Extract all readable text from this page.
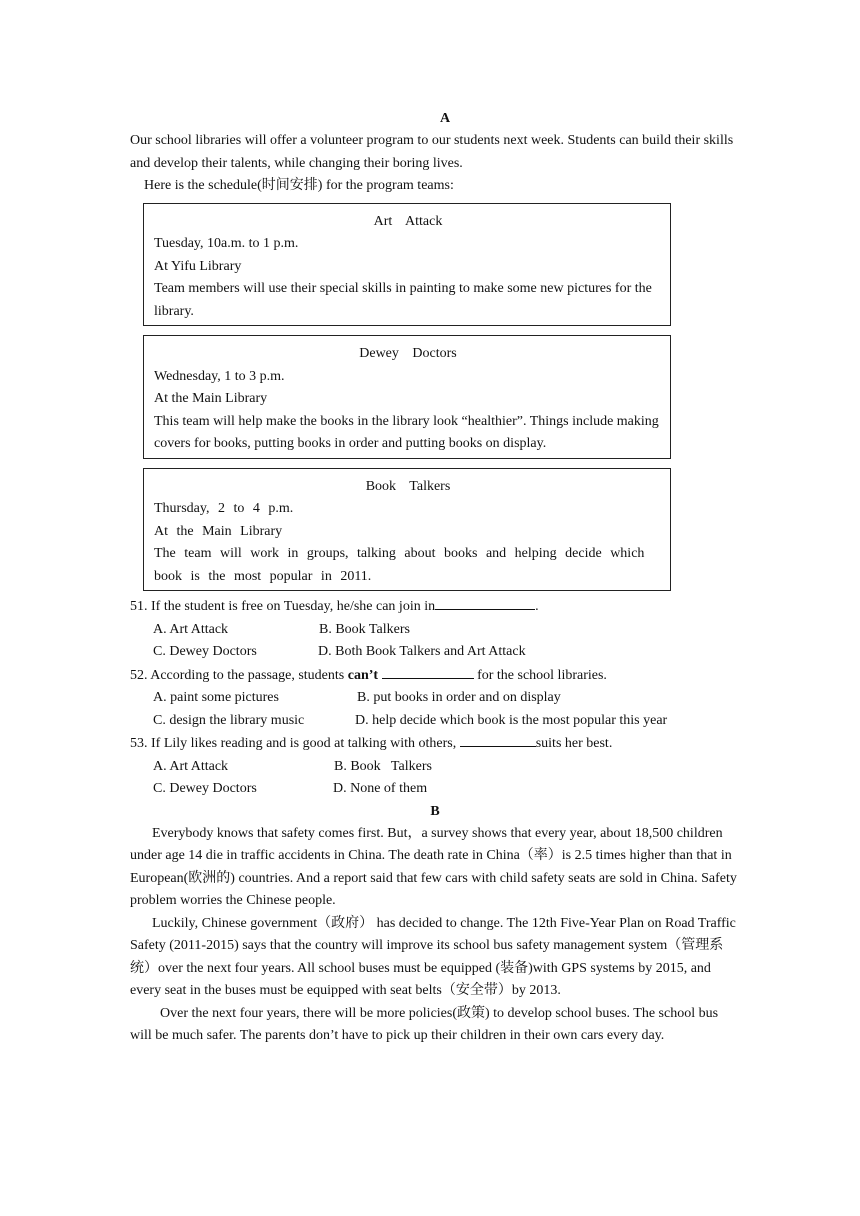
A

Our school libraries will offer a volunteer program to our students next week. Students can build their skills and develop their talents, while changing their boring lives.

Here is the schedule(时间安排) for the program teams:

Art Attack
Tuesday, 10a.m. to 1 p.m.
At Yifu Library
Team members will use their special skills in painting to make some new pictures for the library.
Dewey Doctors
Wednesday, 1 to 3 p.m.
At the Main Library
This team will help make the books in the library look “healthier”. Things include making covers for books, putting books in order and putting books on display.
Book Talkers
Thursday, 2 to 4 p.m.
At the Main Library
The team will work in groups, talking about books and helping decide which book is the most popular in 2011.
51. If the student is free on Tuesday, he/she can join in	.
A. Art Attack	B. Book Talkers
C. Dewey Doctors	D. Both Book Talkers and Art Attack
52. According to the passage, students can’t	for the school libraries.
A. paint some pictures	B. put books in order and on display
C. design the library music	D. help decide which book is the most popular this year
53. If Lily likes reading and is good at talking with others,	suits her best.
A. Art Attack	B. Book   Talkers
C. Dewey Doctors	D. None of them
B

Everybody knows that safety comes first. But，a survey shows that every year, about 18,500 children under age 14 die in traffic accidents in China. The death rate in China（率）is 2.5 times higher than that in European(欧洲的) countries. And a report said that few cars with child safety seats are sold in China. Safety problem worries the Chinese people.

Luckily, Chinese government（政府） has decided to change. The 12th Five-Year Plan on Road Traffic Safety (2011-2015) says that the country will improve its school bus safety management system（管理系统）over the next four years. All school buses must be equipped (装备)with GPS systems by 2015, and every seat in the buses must be equipped with seat belts（安全带）by 2013.

Over the next four years, there will be more policies(政策) to develop school buses. The school bus will be much safer. The parents don’t have to pick up their children in their own cars every day.
